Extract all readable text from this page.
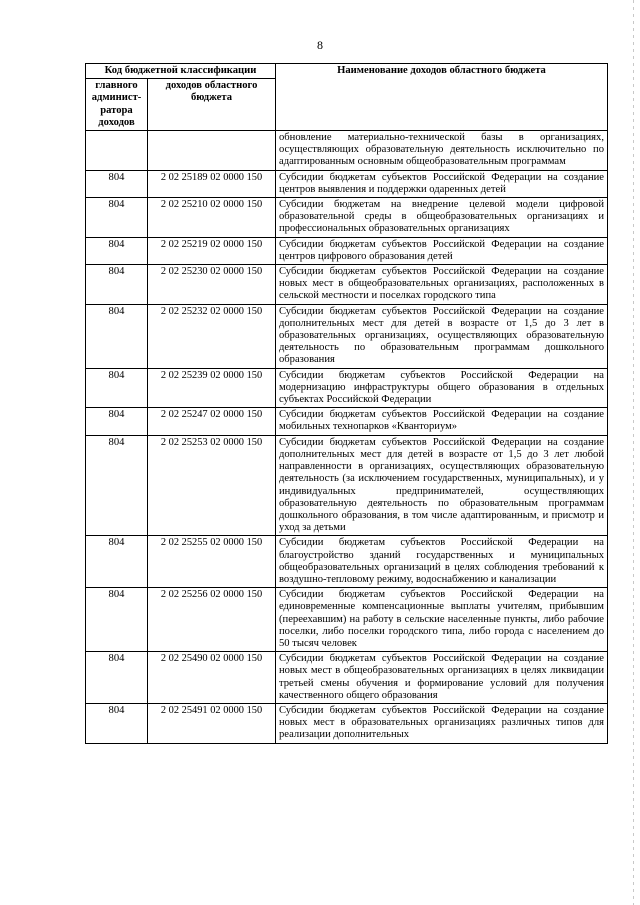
8
Код бюджетной классификации		Наименование доходов областного бюджета
главного админист-ратора доходов	доходов областного бюджета	
		обновление материально-технической базы в организациях, осуществляющих образовательную деятельность исключительно по адаптированным основным общеобразовательным программам
804	2 02 25189 02 0000 150	Субсидии бюджетам субъектов Российской Федерации на создание центров выявления и поддержки одаренных детей
804	2 02 25210 02 0000 150	Субсидии бюджетам на внедрение целевой модели цифровой образовательной среды в общеобразовательных организациях и профессиональных образовательных организациях
804	2 02 25219 02 0000 150	Субсидии бюджетам субъектов Российской Федерации на создание центров цифрового образования детей
804	2 02 25230 02 0000 150	Субсидии бюджетам субъектов Российской Федерации на создание новых мест в общеобразовательных организациях, расположенных в сельской местности и поселках городского типа
804	2 02 25232 02 0000 150	Субсидии бюджетам субъектов Российской Федерации на создание дополнительных мест для детей в возрасте от 1,5 до 3 лет в образовательных организациях, осуществляющих образовательную деятельность по образовательным программам дошкольного образования
804	2 02 25239 02 0000 150	Субсидии бюджетам субъектов Российской Федерации на модернизацию инфраструктуры общего образования в отдельных субъектах Российской Федерации
804	2 02 25247 02 0000 150	Субсидии бюджетам субъектов Российской Федерации на создание мобильных технопарков «Кванториум»
804	2 02 25253 02 0000 150	Субсидии бюджетам субъектов Российской Федерации на создание дополнительных мест для детей в возрасте от 1,5 до 3 лет любой направленности в организациях, осуществляющих образовательную деятельность (за исключением государственных, муниципальных), и у индивидуальных предпринимателей, осуществляющих образовательную деятельность по образовательным программам дошкольного образования, в том числе адаптированным, и присмотр и уход за детьми
804	2 02 25255 02 0000 150	Субсидии бюджетам субъектов Российской Федерации на благоустройство зданий государственных и муниципальных общеобразовательных организаций в целях соблюдения требований к воздушно-тепловому режиму, водоснабжению и канализации
804	2 02 25256 02 0000 150	Субсидии бюджетам субъектов Российской Федерации на единовременные компенсационные выплаты учителям, прибывшим (переехавшим) на работу в сельские населенные пункты, либо рабочие поселки, либо поселки городского типа, либо города с населением до 50 тысяч человек
804	2 02 25490 02 0000 150	Субсидии бюджетам субъектов Российской Федерации на создание новых мест в общеобразовательных организациях в целях ликвидации третьей смены обучения и формирование условий для получения качественного общего образования
804	2 02 25491 02 0000 150	Субсидии бюджетам субъектов Российской Федерации на создание новых мест в образовательных организациях различных типов для реализации дополнительных
